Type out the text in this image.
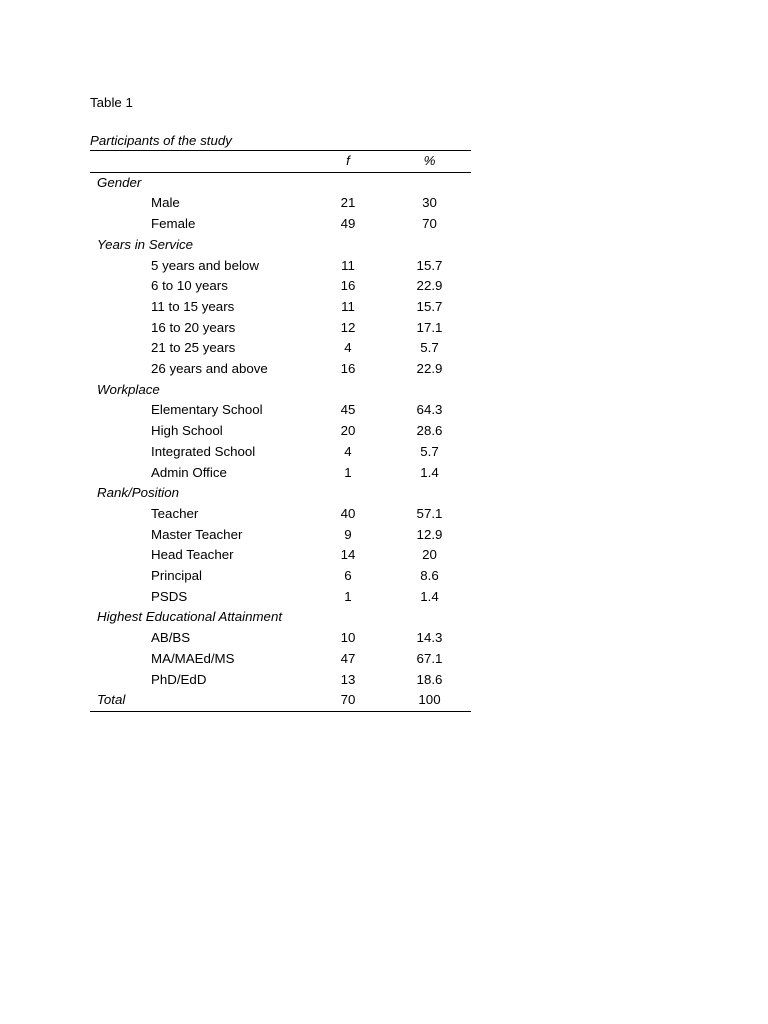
Table 1

Participants of the study

	f	%
Gender		
Male	21	30
Female	49	70
Years in Service		
5 years and below	11	15.7
6 to 10 years	16	22.9
11 to 15 years	11	15.7
16 to 20 years	12	17.1
21 to 25 years	4	5.7
26 years and above	16	22.9
Workplace		
Elementary School	45	64.3
High School	20	28.6
Integrated School	4	5.7
Admin Office	1	1.4
Rank/Position		
Teacher	40	57.1
Master Teacher	9	12.9
Head Teacher	14	20
Principal	6	8.6
PSDS	1	1.4
Highest Educational Attainment		
AB/BS	10	14.3
MA/MAEd/MS	47	67.1
PhD/EdD	13	18.6
Total	70	100
